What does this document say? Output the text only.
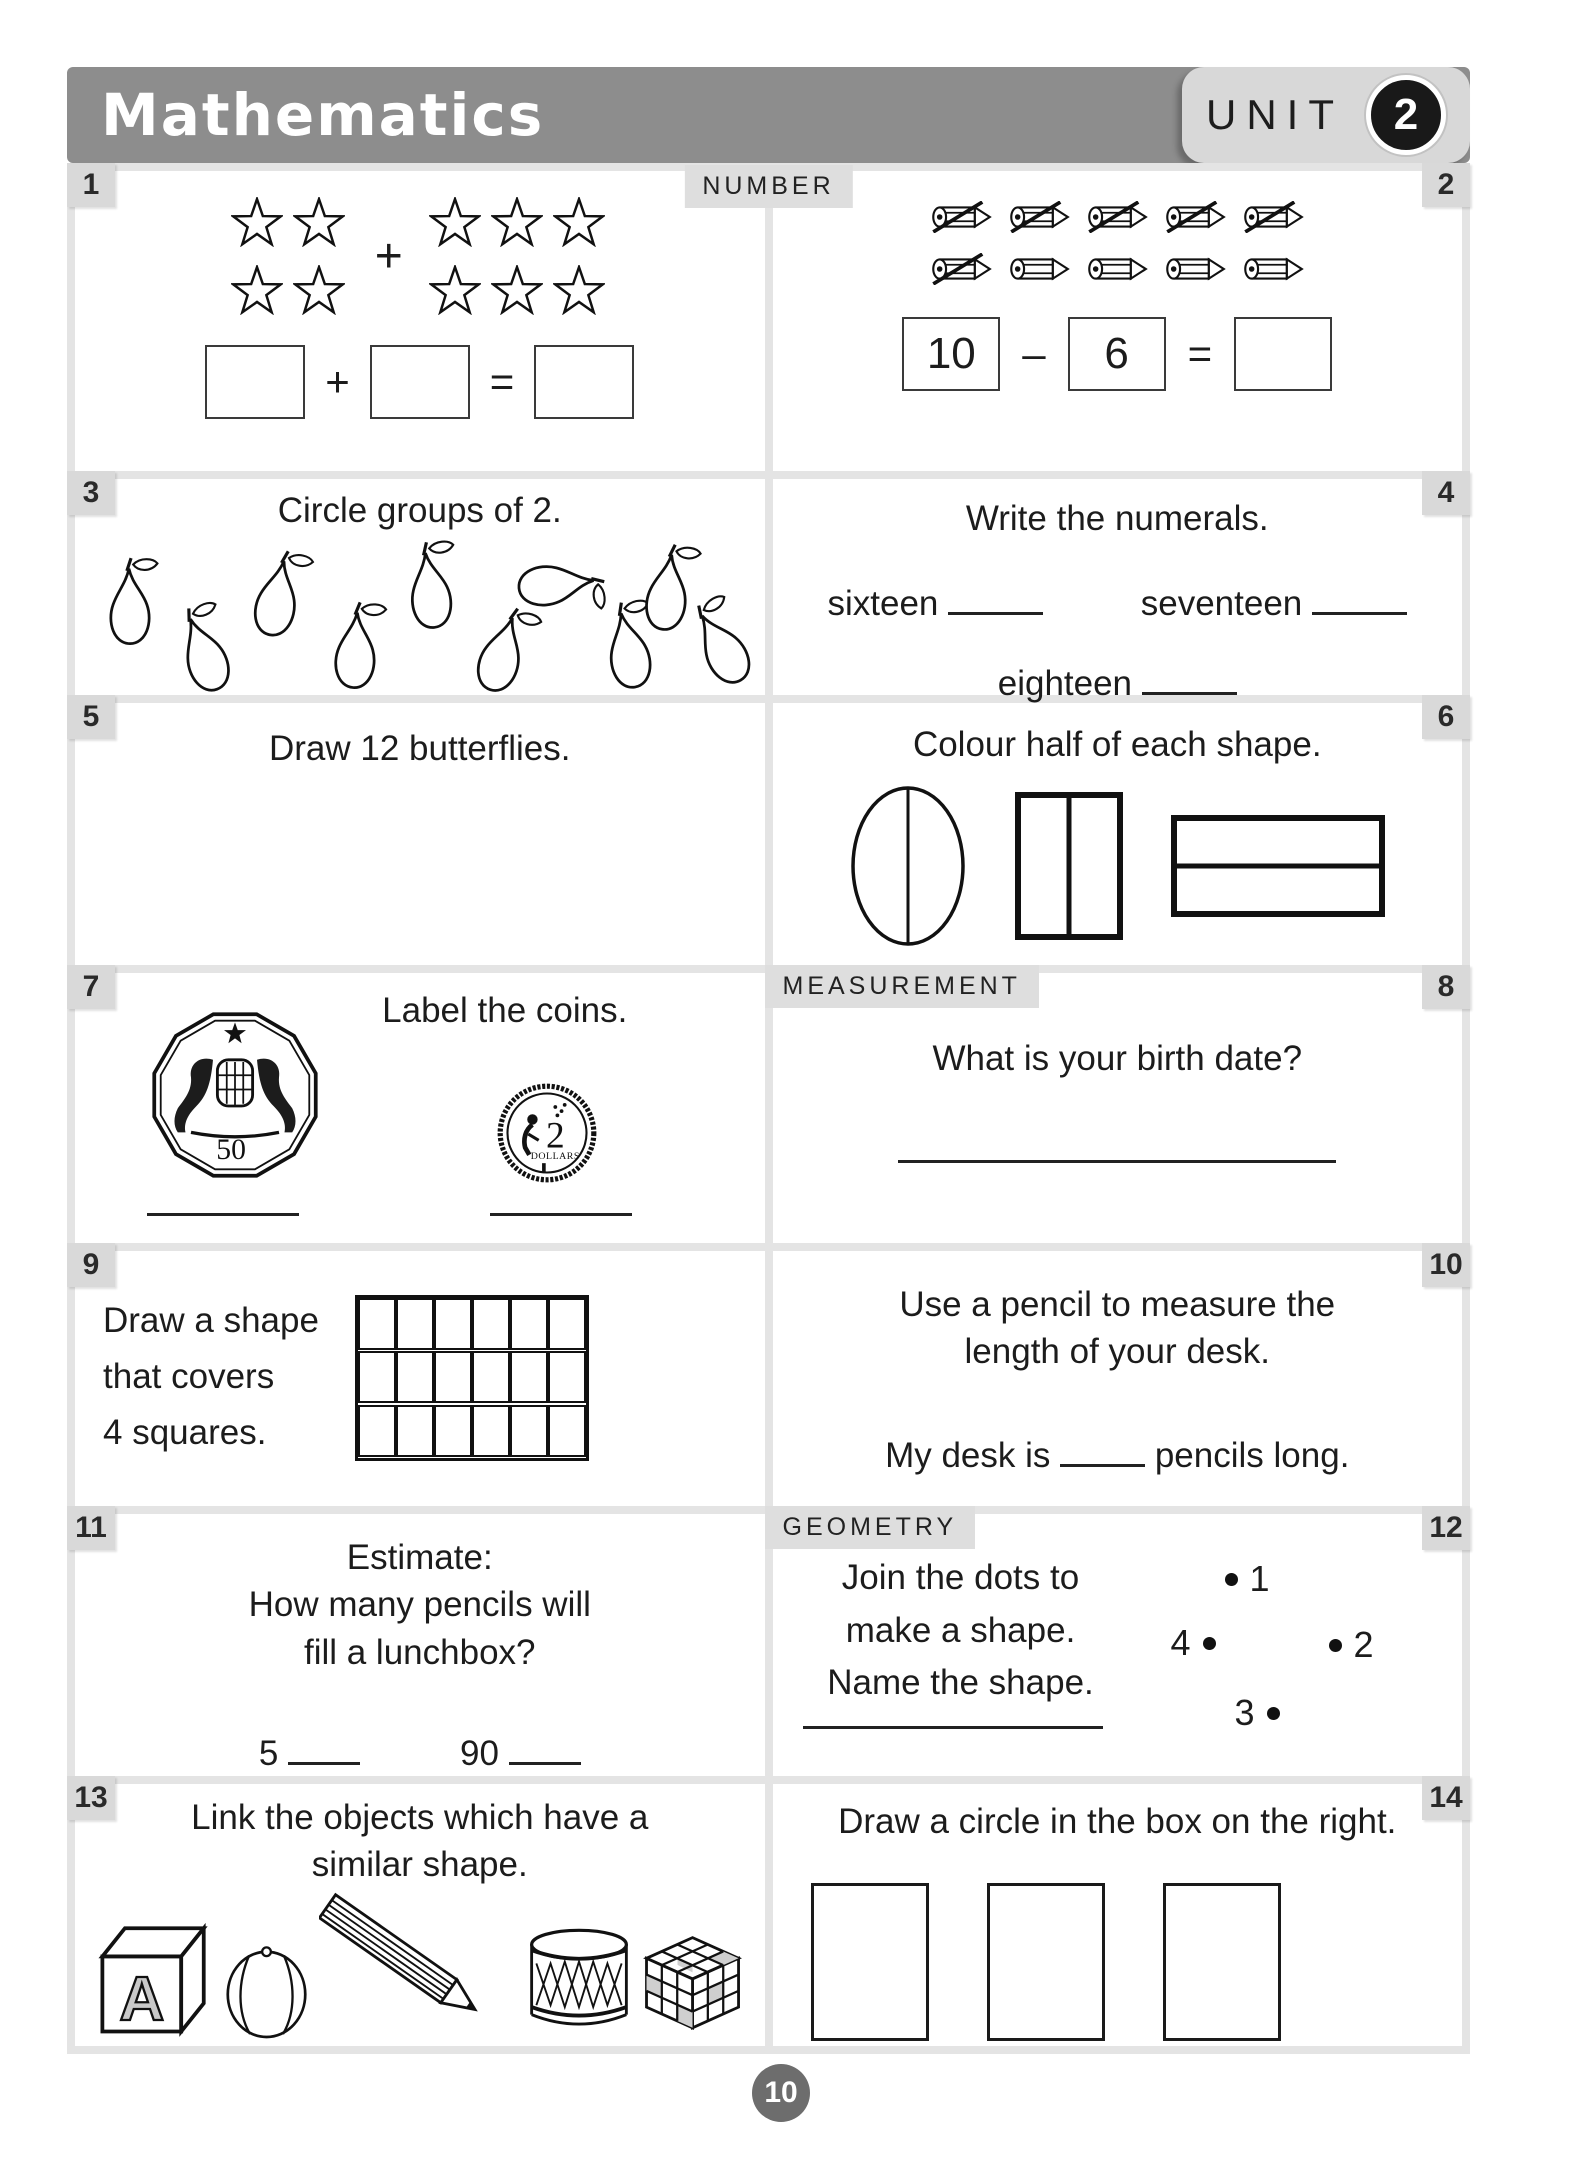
Mathematics	UNIT	2
NUMBER
1
+
+	=
2
10	–	6	=
3	Circle groups of 2.	4
Write the numerals.
sixteen	seventeen
eighteen
5
Draw 12 butterflies.
6
Colour half of each shape.
7
Label the coins.
50	2
DOLLARS
8
MEASUREMENT
What is your birth date?
9
Draw a shape
that covers
4 squares.
10
Use a pencil to measure the
length of your desk.
My desk is	pencils long.
11
Estimate:
How many pencils will
fill a lunchbox?
5	90
12
GEOMETRY
Join the dots to
make a shape.
Name the shape.
1
2
3
4
13
Link the objects which have a
similar shape.
A
14
Draw a circle in the box on the right.
10
